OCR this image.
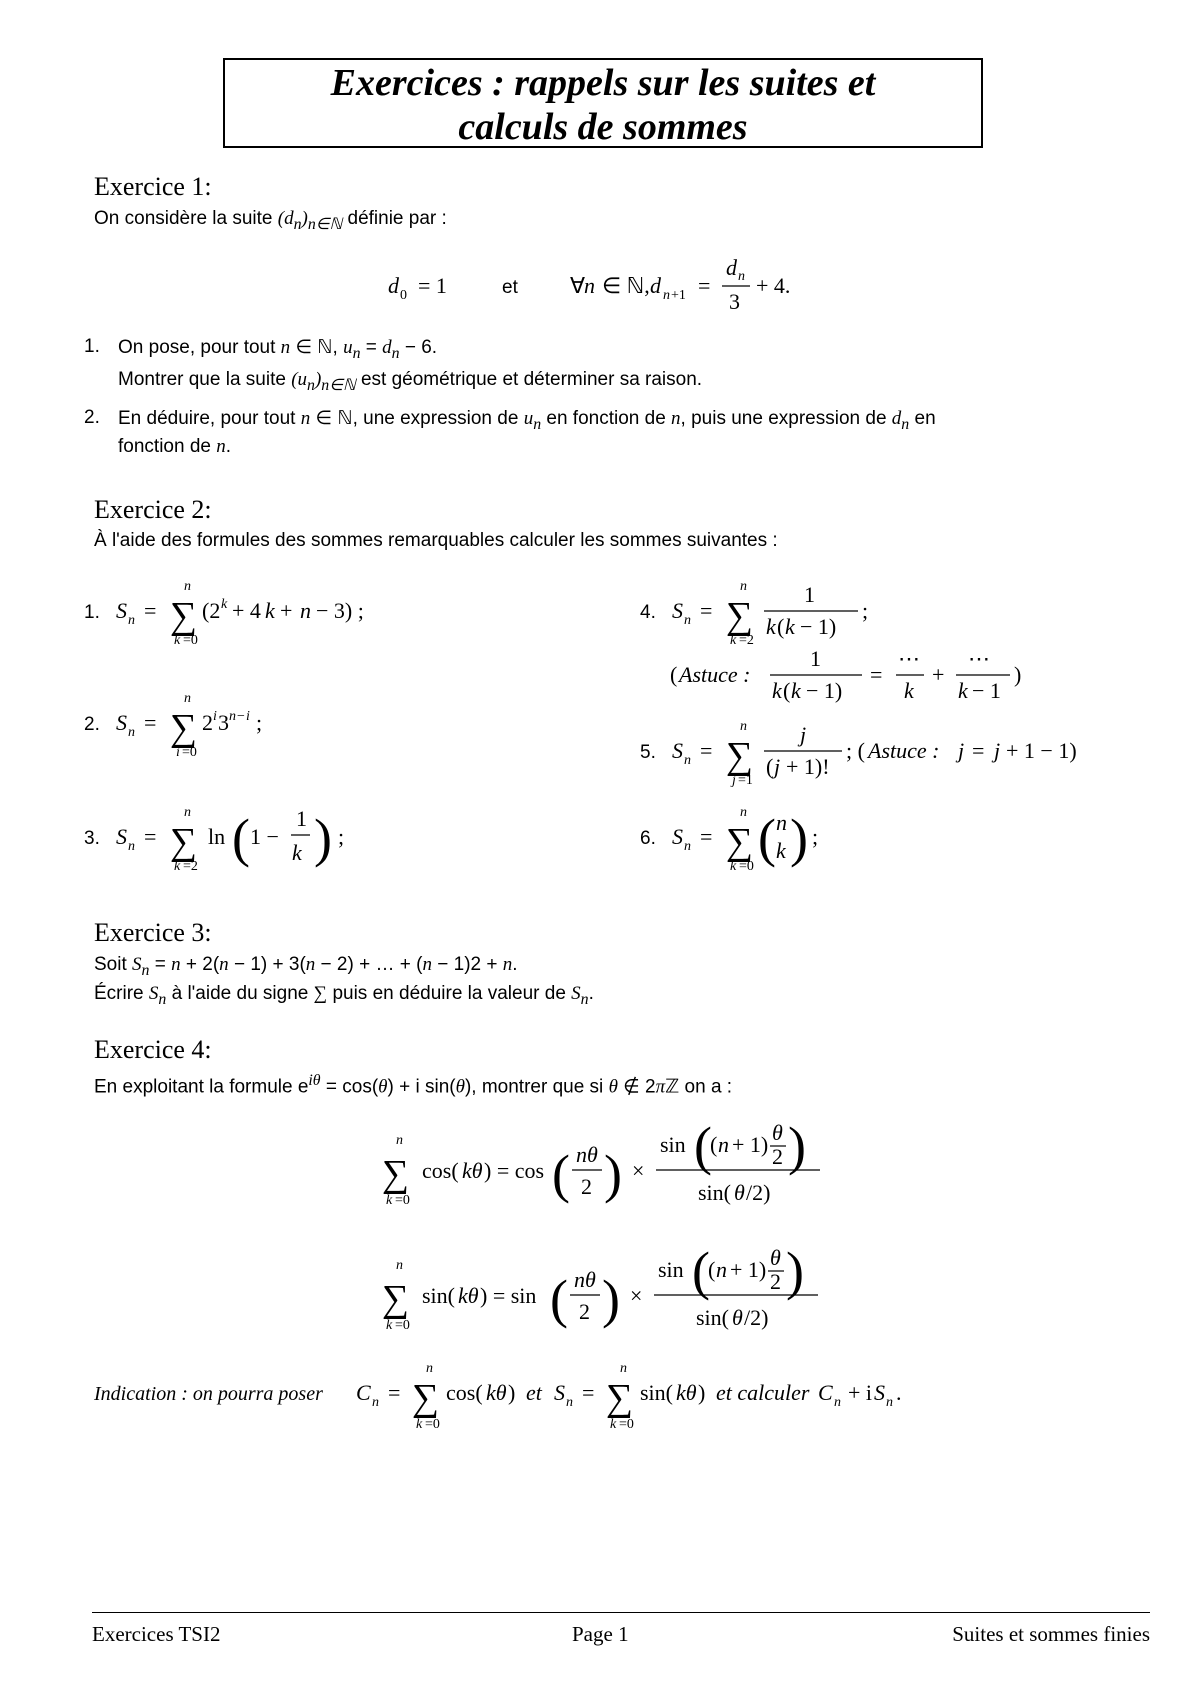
Exercices : rappels sur les suites et
calculs de sommes
Exercice 1:
On considère la suite $(d_n)_{n\in ℕ}$ définie par :
d 0 = 1	et ∀
n ∈ ℕ, d n +1 =
d n
3
+ 4.
1. On pose, pour tout n ∈ ℕ, $u_n = d_n - 6$.
Montrer que la suite $(u_n)_{n\in ℕ}$ est géométrique et déterminer sa raison.
2. En déduire, pour tout n ∈ ℕ, une expression de $u_n$ en fonction de n, puis une expression de $d_n$ en
fonction de n.
Exercice 2:
À l'aide des formules des sommes remarquables calculer les sommes suivantes :
1. S n = ∑
n
k =0
(2 k + 4 k + n − 3) ;
2. S n = ∑
n
i =0
2 i 3 n − i ;
3. S n = ∑
n
k =2
ln ( 1 −
1
k ) ;
4. S n = ∑
n
k =2
1
k ( k − 1)
;
( Astuce :
1
k ( k − 1)
=
⋯
k
+
⋯
k − 1
)
5. S n = ∑
n
j =1
j
( j + 1)!
; ( Astuce : j = j + 1 − 1)
6. S n = ∑
n
k =0 ( n
k ) ;
Exercice 3:
Soit $S_n = n + 2(n - 1) + 3(n - 2)$ + … + (n − 1)2 + n.
Écrire $S_n$ à l'aide du signe ∑ puis en déduire la valeur de $S_n$.
Exercice 4:
En exploitant la formule $e^{i\theta} = \cos(\theta) + i$ sin(θ), montrer que si θ ∉ 2πℤ on a :
∑
n
k =0
cos( kθ ) = cos ( nθ
2 ) ×
sin (
( n + 1) θ
2 )
sin( θ /2)
∑
n
k =0
sin( kθ ) = sin ( nθ
2 ) ×
sin (
( n + 1) θ
2 )
sin( θ /2)
Indication : on pourra poser C n = ∑
n
k =0
cos( kθ ) et S n = ∑
n
k =0
sin( kθ ) et calculer C n + i S n .
Exercices TSI2	Page 1	Suites et sommes finies
